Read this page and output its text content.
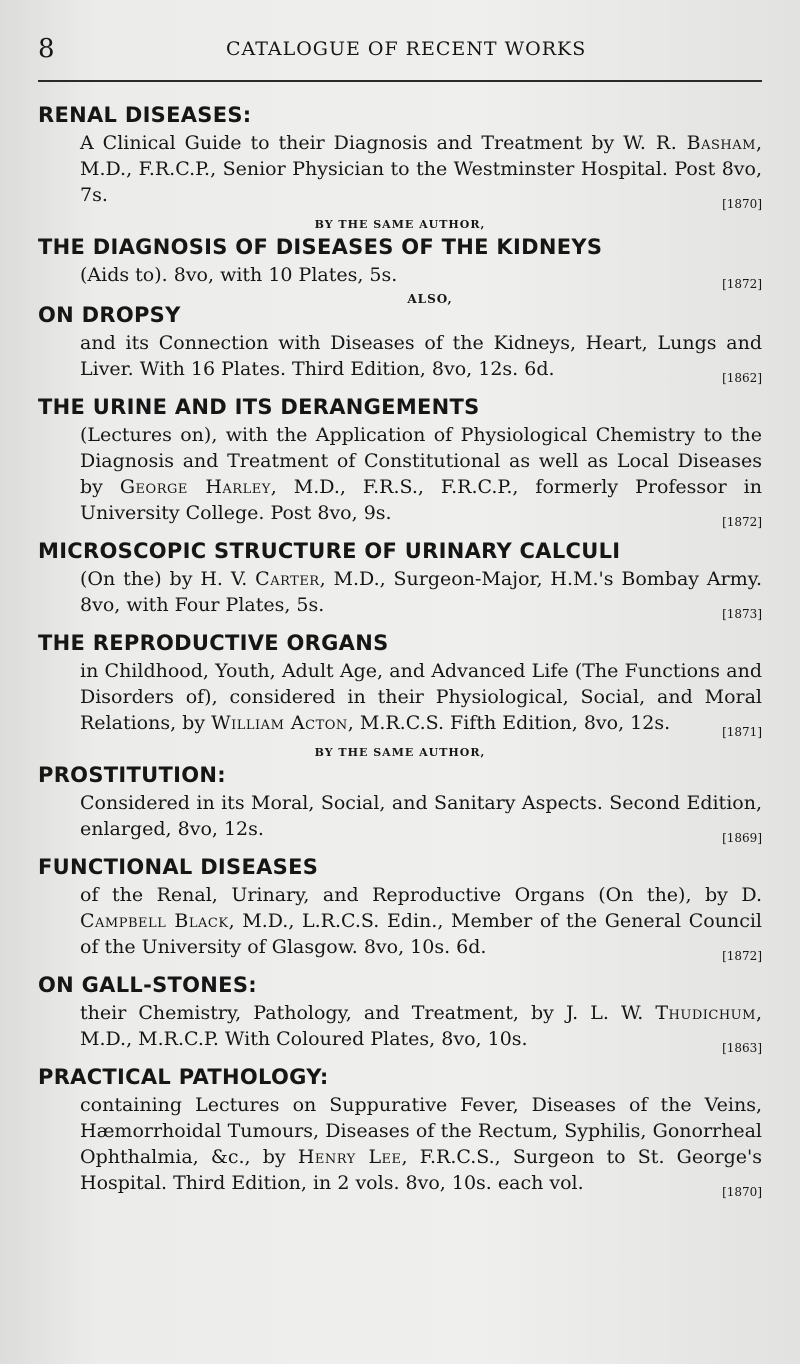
8	CATALOGUE OF RECENT WORKS
RENAL DISEASES:
A Clinical Guide to their Diagnosis and Treatment by W. R. Basham, M.D., F.R.C.P., Senior Physician to the Westminster Hospital. Post 8vo, 7s.	[1870]
BY THE SAME AUTHOR,
THE DIAGNOSIS OF DISEASES OF THE KIDNEYS
(Aids to). 8vo, with 10 Plates, 5s.	[1872]
ALSO,
ON DROPSY
and its Connection with Diseases of the Kidneys, Heart, Lungs and Liver. With 16 Plates. Third Edition, 8vo, 12s. 6d.	[1862]
THE URINE AND ITS DERANGEMENTS
(Lectures on), with the Application of Physiological Chemistry to the Diagnosis and Treatment of Constitutional as well as Local Diseases by George Harley, M.D., F.R.S., F.R.C.P., formerly Professor in University College. Post 8vo, 9s.	[1872]
MICROSCOPIC STRUCTURE OF URINARY CALCULI
(On the) by H. V. Carter, M.D., Surgeon-Major, H.M.'s Bombay Army. 8vo, with Four Plates, 5s.	[1873]
THE REPRODUCTIVE ORGANS
in Childhood, Youth, Adult Age, and Advanced Life (The Functions and Disorders of), considered in their Physiological, Social, and Moral Relations, by William Acton, M.R.C.S. Fifth Edition, 8vo, 12s.	[1871]
BY THE SAME AUTHOR,
PROSTITUTION:
Considered in its Moral, Social, and Sanitary Aspects. Second Edition, enlarged, 8vo, 12s.	[1869]
FUNCTIONAL DISEASES
of the Renal, Urinary, and Reproductive Organs (On the), by D. Campbell Black, M.D., L.R.C.S. Edin., Member of the General Council of the University of Glasgow. 8vo, 10s. 6d.	[1872]
ON GALL-STONES:
their Chemistry, Pathology, and Treatment, by J. L. W. Thudichum, M.D., M.R.C.P. With Coloured Plates, 8vo, 10s.	[1863]
PRACTICAL PATHOLOGY:
containing Lectures on Suppurative Fever, Diseases of the Veins, Hæmorrhoidal Tumours, Diseases of the Rectum, Syphilis, Gonorrheal Ophthalmia, &c., by Henry Lee, F.R.C.S., Surgeon to St. George's Hospital. Third Edition, in 2 vols. 8vo, 10s. each vol.	[1870]
